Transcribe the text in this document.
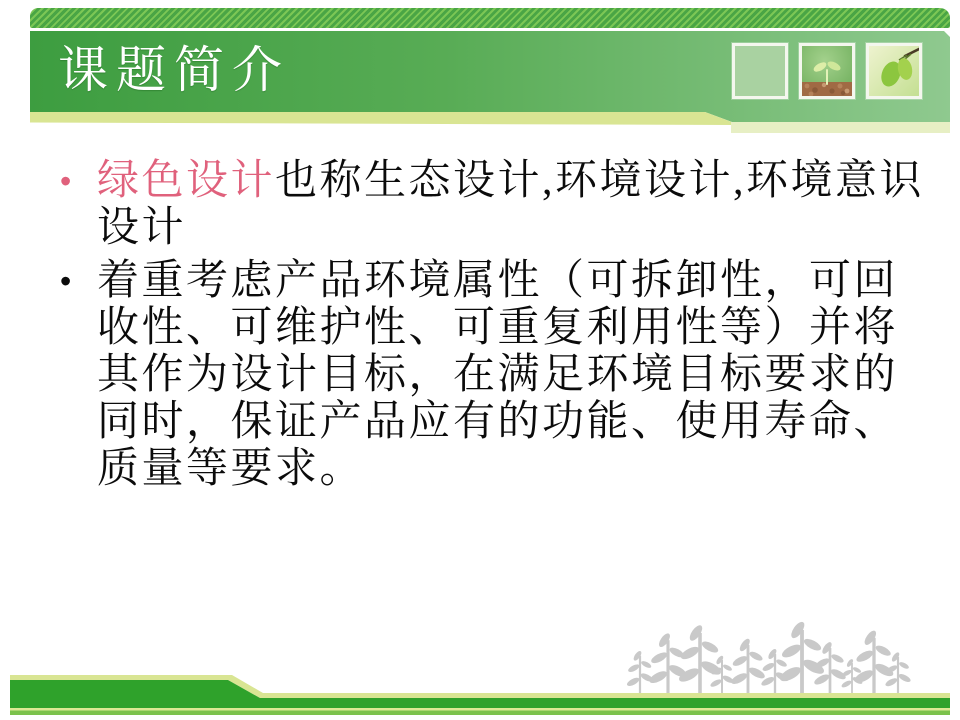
课题简介
• 绿色设计也称生态设计,环境设计,环境意识
设计
• 着重考虑产品环境属性（可拆卸性，可回
收性、可维护性、可重复利用性等）并将
其作为设计目标，在满足环境目标要求的
同时，保证产品应有的功能、使用寿命、
质量等要求。
